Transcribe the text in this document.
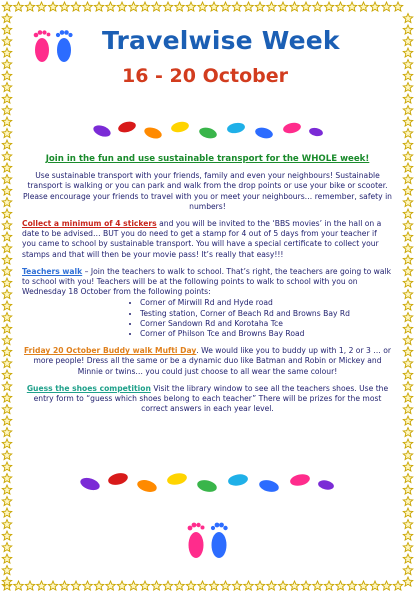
Travelwise Week
16 - 20 October
Join in the fun and use sustainable transport for the WHOLE week!

Use sustainable transport with your friends, family and even your neighbours! Sustainable transport is walking or you can park and walk from the drop points or use your bike or scooter. Please encourage your friends to travel with you or meet your neighbours… remember, safety in numbers!

Collect a minimum of 4 stickers and you will be invited to the ‘BBS movies’ in the hall on a date to be advised… BUT you do need to get a stamp for 4 out of 5 days from your teacher if you came to school by sustainable transport. You will have a special certificate to collect your stamps and that will then be your movie pass! It’s really that easy!!!

Teachers walk – Join the teachers to walk to school. That’s right, the teachers are going to walk to school with you! Teachers will be at the following points to walk to school with you on Wednesday 18 October from the following points:

• Corner of Mirwill Rd and Hyde road
• Testing station, Corner of Beach Rd and Browns Bay Rd
• Corner Sandown Rd and Korotaha Tce
• Corner of Philson Tce and Browns Bay Road

Friday 20 October Buddy walk Mufti Day. We would like you to buddy up with 1, 2 or 3 … or more people! Dress all the same or be a dynamic duo like Batman and Robin or Mickey and Minnie or twins… you could just choose to all wear the same colour!

Guess the shoes competition Visit the library window to see all the teachers shoes. Use the entry form to “guess which shoes belong to each teacher” There will be prizes for the most correct answers in each year level.
